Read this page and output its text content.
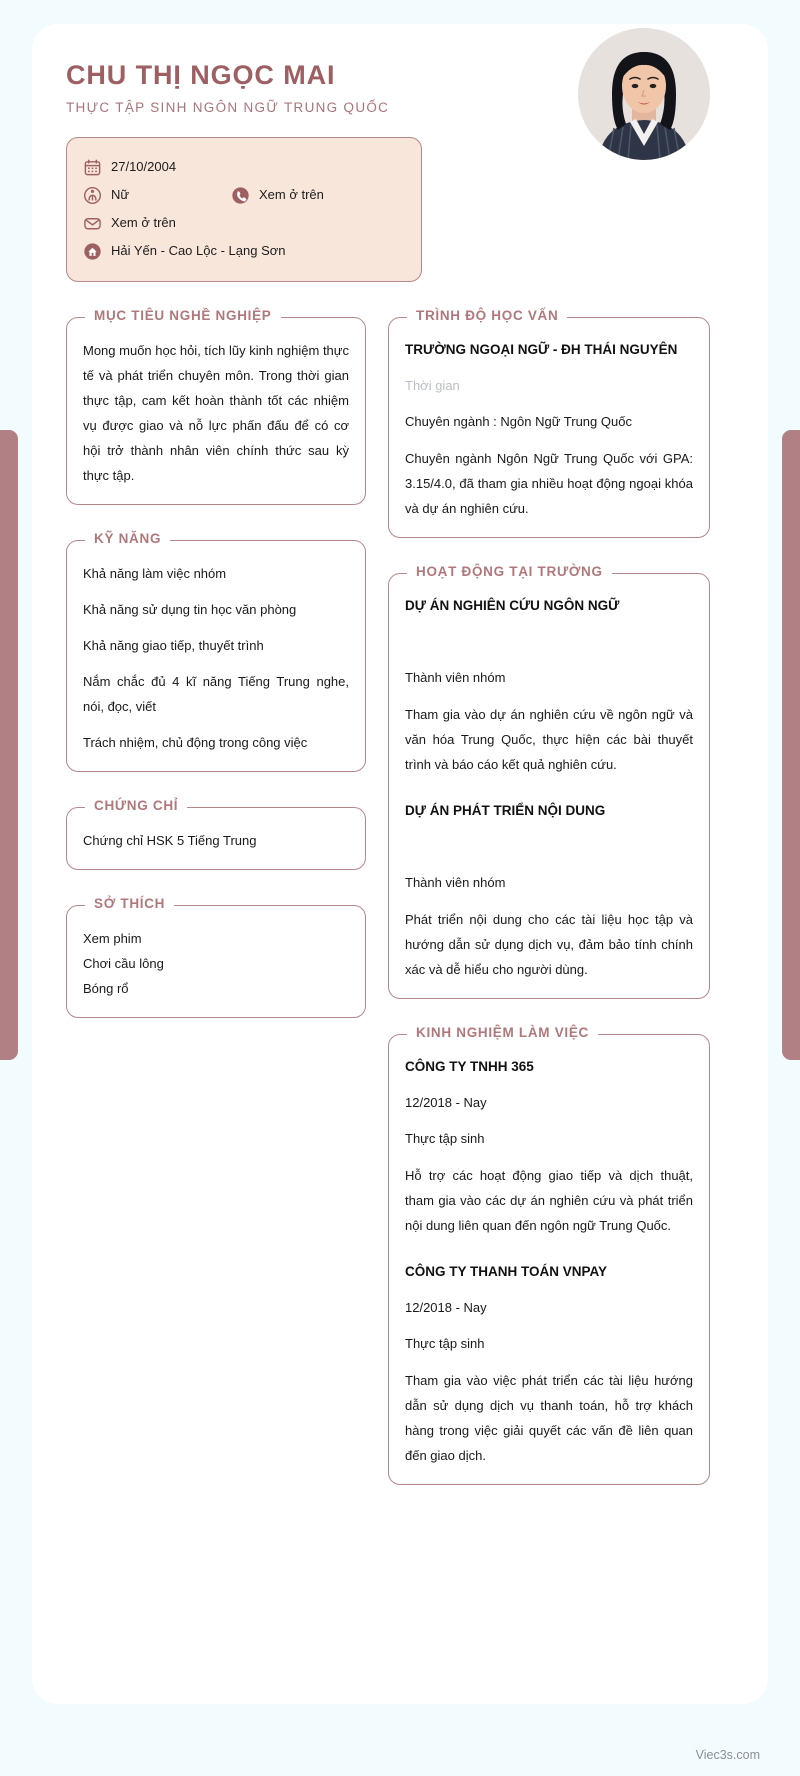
CHU THỊ NGỌC MAI
THỰC TẬP SINH NGÔN NGỮ TRUNG QUỐC
27/10/2004
Nữ	Xem ở trên
Xem ở trên
Hải Yến - Cao Lộc - Lạng Sơn
MỤC TIÊU NGHỀ NGHIỆP
Mong muốn học hỏi, tích lũy kinh nghiệm thực tế và phát triển chuyên môn. Trong thời gian thực tập, cam kết hoàn thành tốt các nhiệm vụ được giao và nỗ lực phấn đấu để có cơ hội trở thành nhân viên chính thức sau kỳ thực tập.
KỸ NĂNG
Khả năng làm việc nhóm
Khả năng sử dụng tin học văn phòng
Khả năng giao tiếp, thuyết trình
Nắm chắc đủ 4 kĩ năng Tiếng Trung nghe, nói, đọc, viết
Trách nhiệm, chủ động trong công việc
CHỨNG CHỈ
Chứng chỉ HSK 5 Tiếng Trung
SỞ THÍCH
Xem phim
Chơi cầu lông
Bóng rổ
TRÌNH ĐỘ HỌC VẤN
TRƯỜNG NGOẠI NGỮ - ĐH THÁI NGUYÊN
Thời gian
Chuyên ngành : Ngôn Ngữ Trung Quốc
Chuyên ngành Ngôn Ngữ Trung Quốc với GPA: 3.15/4.0, đã tham gia nhiều hoạt động ngoại khóa và dự án nghiên cứu.
HOẠT ĐỘNG TẠI TRƯỜNG
DỰ ÁN NGHIÊN CỨU NGÔN NGỮ

Thành viên nhóm
Tham gia vào dự án nghiên cứu về ngôn ngữ và văn hóa Trung Quốc, thực hiện các bài thuyết trình và báo cáo kết quả nghiên cứu.
DỰ ÁN PHÁT TRIỂN NỘI DUNG

Thành viên nhóm
Phát triển nội dung cho các tài liệu học tập và hướng dẫn sử dụng dịch vụ, đảm bảo tính chính xác và dễ hiểu cho người dùng.
KINH NGHIỆM LÀM VIỆC
CÔNG TY TNHH 365
12/2018 - Nay
Thực tập sinh
Hỗ trợ các hoạt động giao tiếp và dịch thuật, tham gia vào các dự án nghiên cứu và phát triển nội dung liên quan đến ngôn ngữ Trung Quốc.
CÔNG TY THANH TOÁN VNPAY
12/2018 - Nay
Thực tập sinh
Tham gia vào việc phát triển các tài liệu hướng dẫn sử dụng dịch vụ thanh toán, hỗ trợ khách hàng trong việc giải quyết các vấn đề liên quan đến giao dịch.
Viec3s.com
